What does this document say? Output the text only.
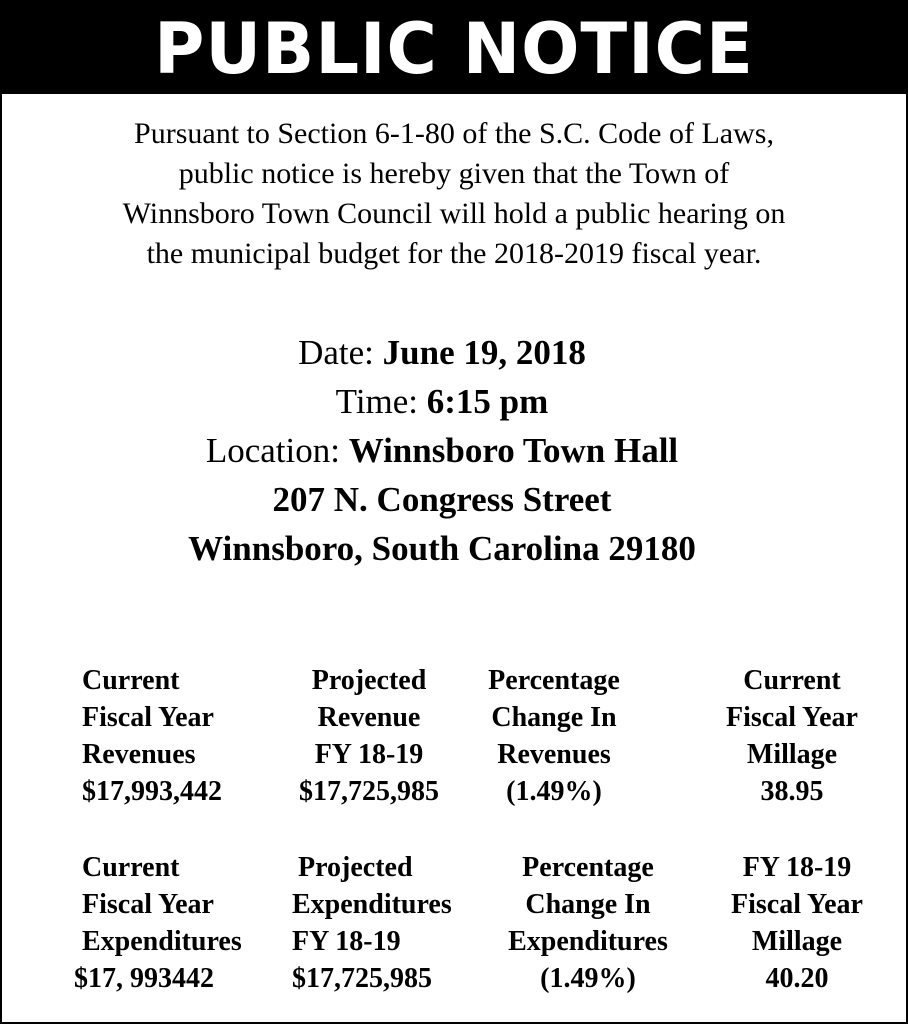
PUBLIC NOTICE
Pursuant to Section 6-1-80 of the S.C. Code of Laws,
public notice is hereby given that the Town of
Winnsboro Town Council will hold a public hearing on
the municipal budget for the 2018-2019 fiscal year.
Date: June 19, 2018
Time: 6:15 pm
Location: Winnsboro Town Hall
207 N. Congress Street
Winnsboro, South Carolina 29180
Current
Fiscal Year
Revenues
$17,993,442
Projected
Revenue
FY 18-19
$17,725,985
Percentage
Change In
Revenues
(1.49%)
Current
Fiscal Year
Millage
38.95
Current
Fiscal Year
Expenditures
$17, 993442
Projected
Expenditures
FY 18-19
$17,725,985
Percentage
Change In
Expenditures
(1.49%)
FY 18-19
Fiscal Year
Millage
40.20
